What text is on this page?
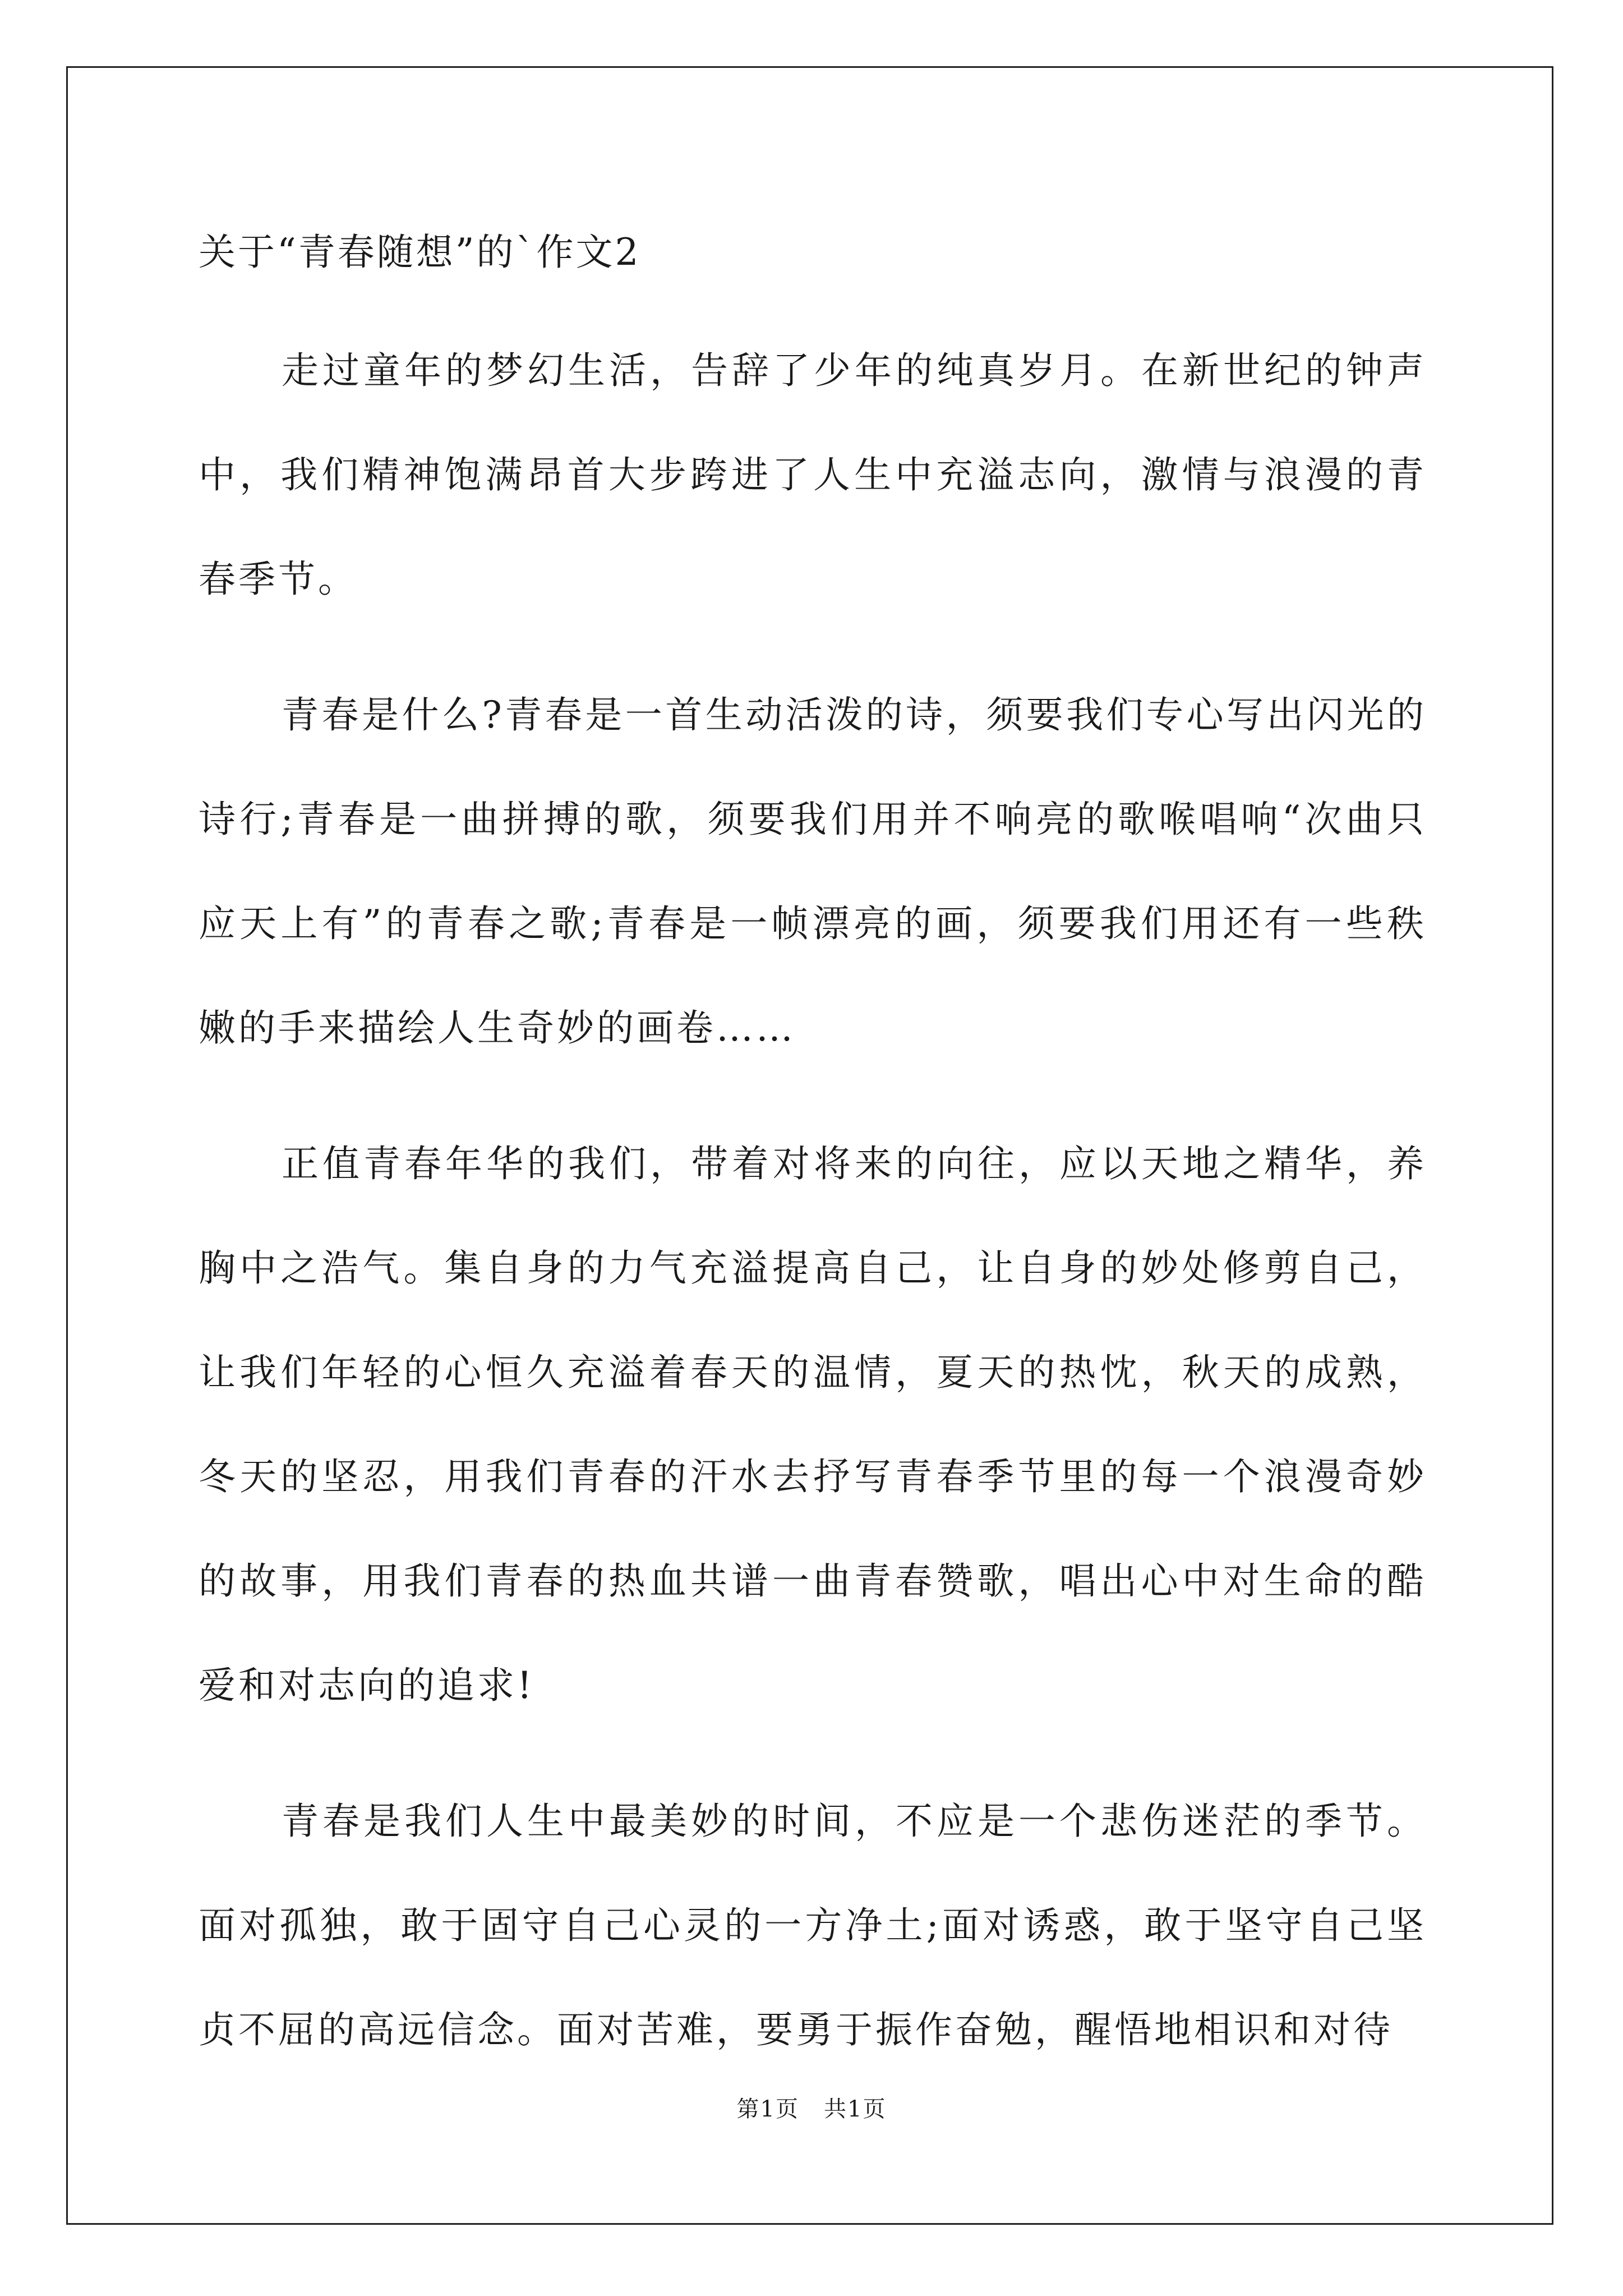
关于“青春随想”的`作文2

走过童年的梦幻生活，告辞了少年的纯真岁月。在新世纪的钟声中，我们精神饱满昂首大步跨进了人生中充溢志向，激情与浪漫的青春季节。

青春是什么?青春是一首生动活泼的诗，须要我们专心写出闪光的诗行;青春是一曲拼搏的歌，须要我们用并不响亮的歌喉唱响“次曲只应天上有”的青春之歌;青春是一帧漂亮的画，须要我们用还有一些秩嫩的手来描绘人生奇妙的画卷……

正值青春年华的我们，带着对将来的向往，应以天地之精华，养胸中之浩气。集自身的力气充溢提高自己，让自身的妙处修剪自己，让我们年轻的心恒久充溢着春天的温情，夏天的热忱，秋天的成熟，冬天的坚忍，用我们青春的汗水去抒写青春季节里的每一个浪漫奇妙的故事，用我们青春的热血共谱一曲青春赞歌，唱出心中对生命的酷爱和对志向的追求!

青春是我们人生中最美妙的时间，不应是一个悲伤迷茫的季节。面对孤独，敢于固守自己心灵的一方净土;面对诱惑，敢于坚守自己坚贞不屈的高远信念。面对苦难，要勇于振作奋勉，醒悟地相识和对待

第1页 共1页
